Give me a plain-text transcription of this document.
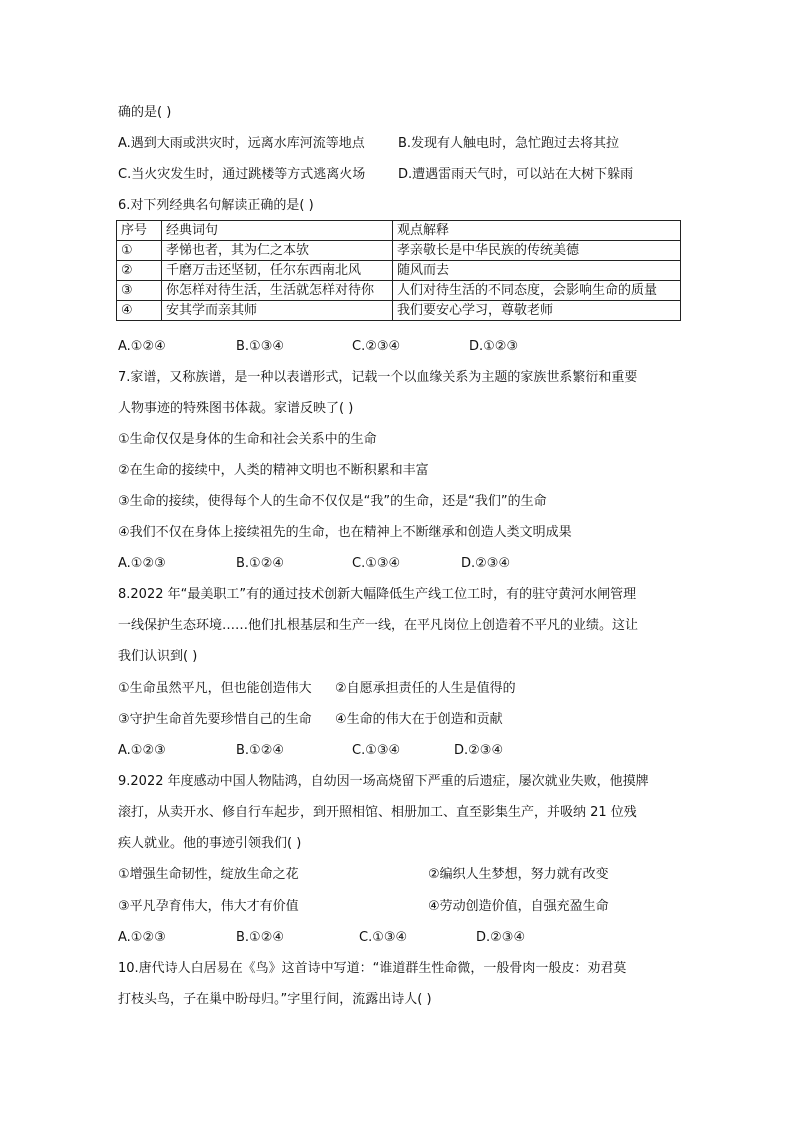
确的是( )
A.遇到大雨或洪灾时，远离水库河流等地点	B.发现有人触电时，急忙跑过去将其拉
C.当火灾发生时，通过跳楼等方式逃离火场	D.遭遇雷雨天气时，可以站在大树下躲雨
6.对下列经典名句解读正确的是( )
序号	经典词句	观点解释
①	孝悌也者，其为仁之本欤	孝亲敬长是中华民族的传统美德
②	千磨万击还坚韧，任尔东西南北风	随风而去
③	你怎样对待生活，生活就怎样对待你	人们对待生活的不同态度，会影响生命的质量
④	安其学而亲其师	我们要安心学习，尊敬老师
A.①②④	B.①③④	C.②③④	D.①②③
7.家谱，又称族谱，是一种以表谱形式，记载一个以血缘关系为主题的家族世系繁衍和重要
人物事迹的特殊图书体裁。家谱反映了( )
①生命仅仅是身体的生命和社会关系中的生命
②在生命的接续中，人类的精神文明也不断积累和丰富
③生命的接续，使得每个人的生命不仅仅是“我”的生命，还是“我们”的生命
④我们不仅在身体上接续祖先的生命，也在精神上不断继承和创造人类文明成果
A.①②③	B.①②④	C.①③④	D.②③④
8.2022 年“最美职工”有的通过技术创新大幅降低生产线工位工时，有的驻守黄河水闸管理
一线保护生态环境……他们扎根基层和生产一线，在平凡岗位上创造着不平凡的业绩。这让
我们认识到( )
①生命虽然平凡，但也能创造伟大 ②自愿承担责任的人生是值得的
③守护生命首先要珍惜自己的生命 ④生命的伟大在于创造和贡献
A.①②③	B.①②④	C.①③④	D.②③④
9.2022 年度感动中国人物陆鸿，自幼因一场高烧留下严重的后遗症，屡次就业失败，他摸牌
滚打，从卖开水、修自行车起步，到开照相馆、相册加工、直至影集生产，并吸纳 21 位残
疾人就业。他的事迹引领我们( )
①增强生命韧性，绽放生命之花	②编织人生梦想，努力就有改变
③平凡孕育伟大，伟大才有价值	④劳动创造价值，自强充盈生命
A.①②③	B.①②④	C.①③④	D.②③④
10.唐代诗人白居易在《鸟》这首诗中写道：“谁道群生性命微，一般骨肉一般皮：劝君莫
打枝头鸟，子在巢中盼母归。”字里行间，流露出诗人( )
